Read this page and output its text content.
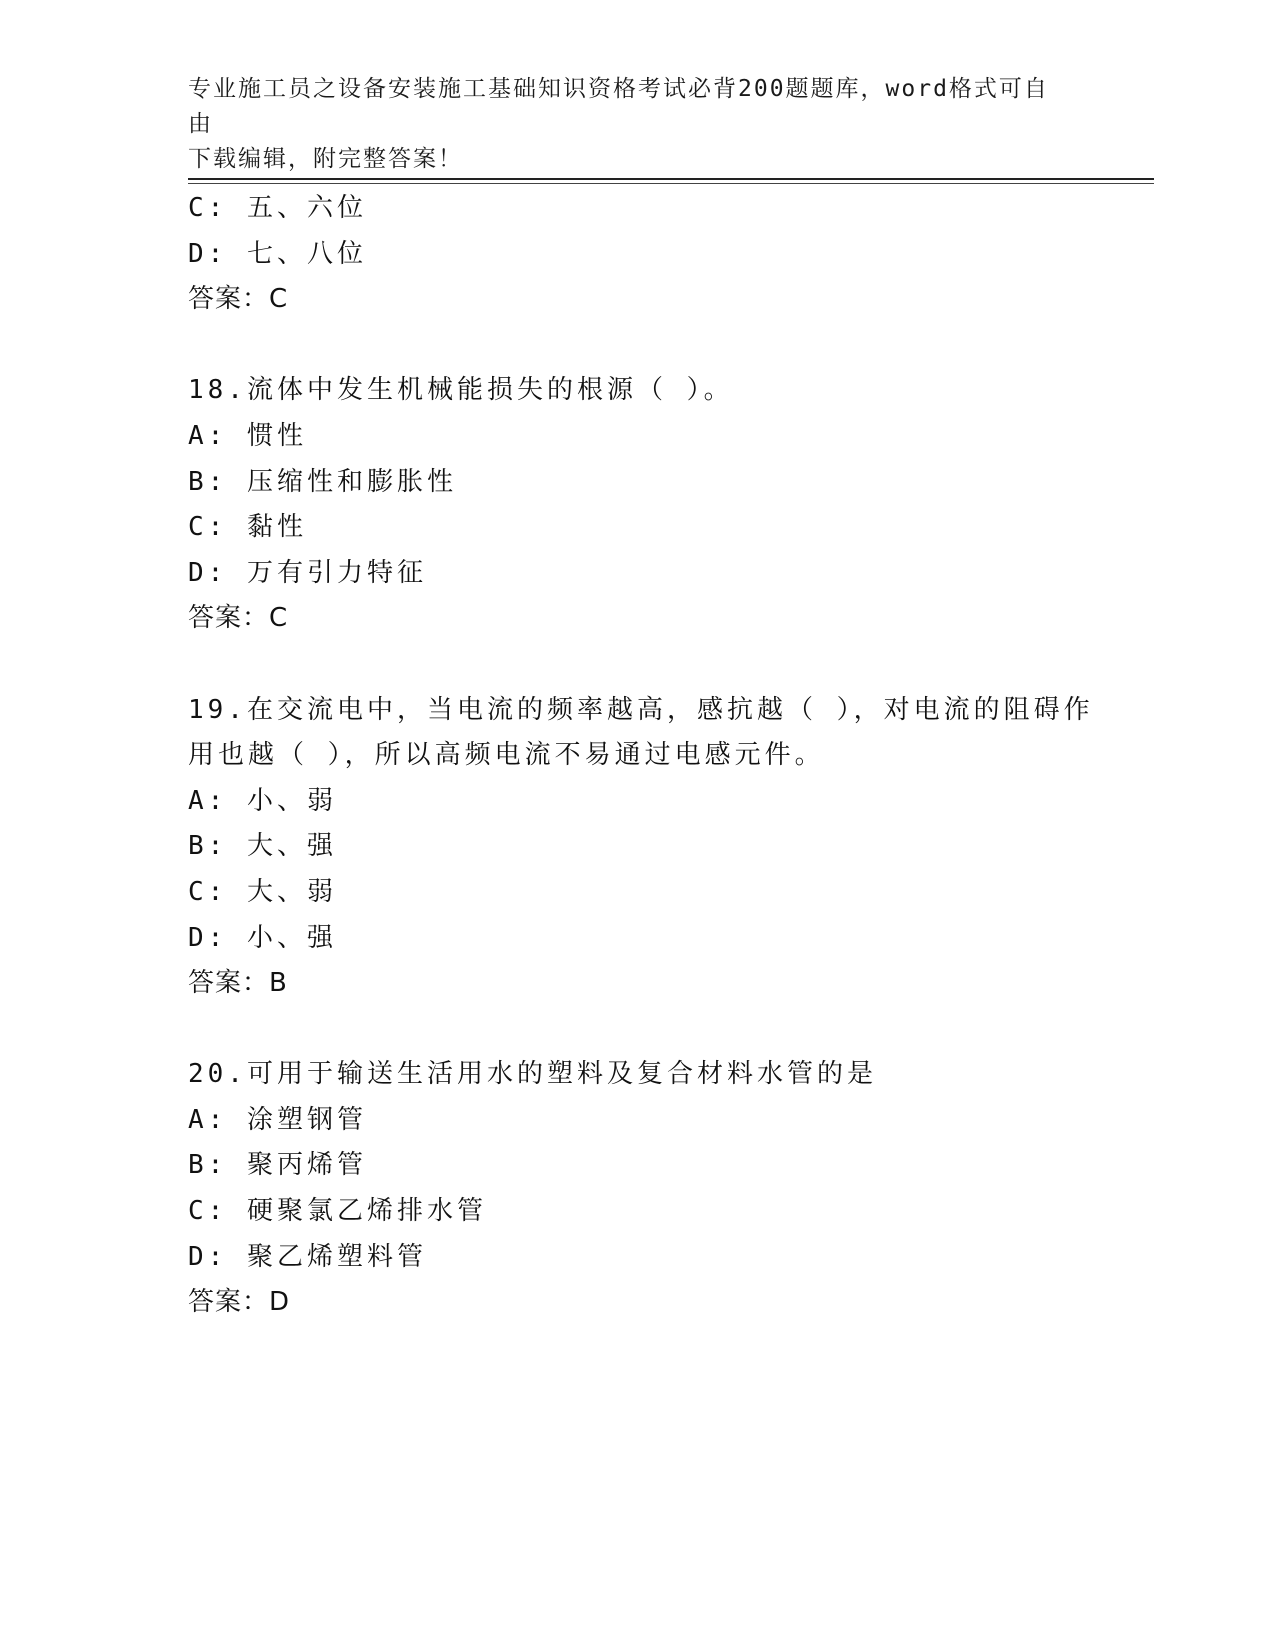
专业施工员之设备安装施工基础知识资格考试必背200题题库，word格式可自由
下载编辑，附完整答案！
C: 五、六位
D: 七、八位
答案：C
18.流体中发生机械能损失的根源（ ）。
A: 惯性
B: 压缩性和膨胀性
C: 黏性
D: 万有引力特征
答案：C
19.在交流电中，当电流的频率越高，感抗越（ ），对电流的阻碍作
用也越（ ），所以高频电流不易通过电感元件。
A: 小、弱
B: 大、强
C: 大、弱
D: 小、强
答案：B
20.可用于输送生活用水的塑料及复合材料水管的是
A: 涂塑钢管
B: 聚丙烯管
C: 硬聚氯乙烯排水管
D: 聚乙烯塑料管
答案：D
